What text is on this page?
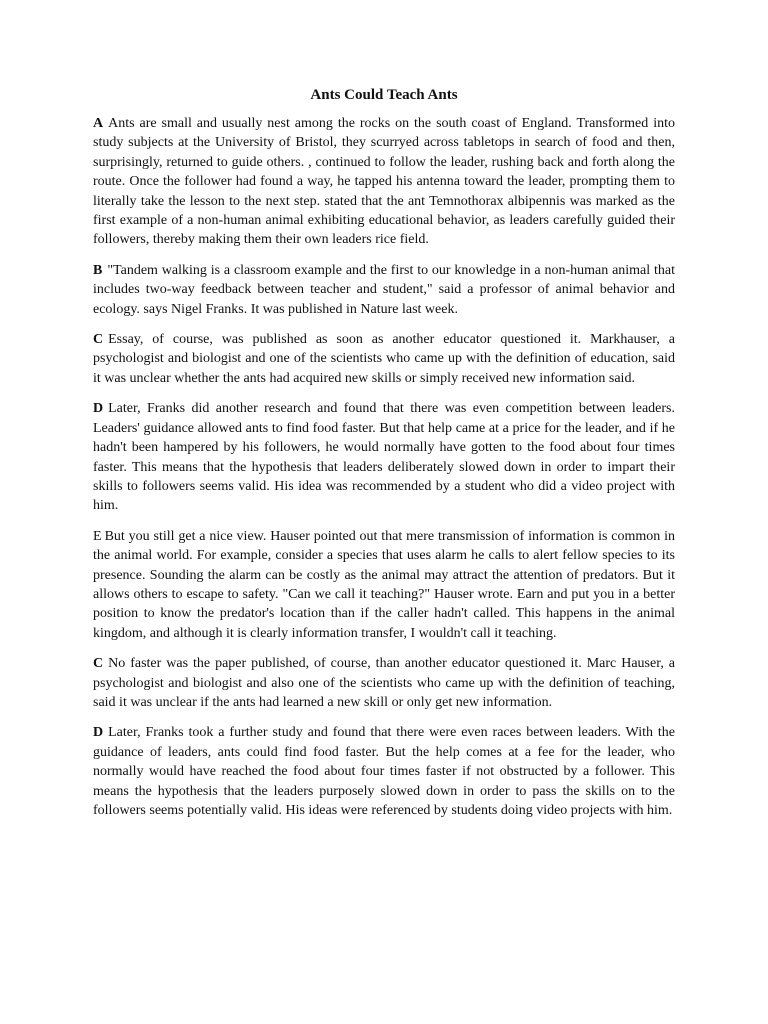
Ants Could Teach Ants

A Ants are small and usually nest among the rocks on the south coast of England. Transformed into study subjects at the University of Bristol, they scurryed across tabletops in search of food and then, surprisingly, returned to guide others. , continued to follow the leader, rushing back and forth along the route. Once the follower had found a way, he tapped his antenna toward the leader, prompting them to literally take the lesson to the next step. stated that the ant Temnothorax albipennis was marked as the first example of a non-human animal exhibiting educational behavior, as leaders carefully guided their followers, thereby making them their own leaders rice field.

B "Tandem walking is a classroom example and the first to our knowledge in a non-human animal that includes two-way feedback between teacher and student," said a professor of animal behavior and ecology. says Nigel Franks. It was published in Nature last week.

C Essay, of course, was published as soon as another educator questioned it. Markhauser, a psychologist and biologist and one of the scientists who came up with the definition of education, said it was unclear whether the ants had acquired new skills or simply received new information said.

D Later, Franks did another research and found that there was even competition between leaders. Leaders' guidance allowed ants to find food faster. But that help came at a price for the leader, and if he hadn't been hampered by his followers, he would normally have gotten to the food about four times faster. This means that the hypothesis that leaders deliberately slowed down in order to impart their skills to followers seems valid. His idea was recommended by a student who did a video project with him.

E But you still get a nice view. Hauser pointed out that mere transmission of information is common in the animal world. For example, consider a species that uses alarm he calls to alert fellow species to its presence. Sounding the alarm can be costly as the animal may attract the attention of predators. But it allows others to escape to safety. "Can we call it teaching?" Hauser wrote. Earn and put you in a better position to know the predator's location than if the caller hadn't called. This happens in the animal kingdom, and although it is clearly information transfer, I wouldn't call it teaching.

C No faster was the paper published, of course, than another educator questioned it. Marc Hauser, a psychologist and biologist and also one of the scientists who came up with the definition of teaching, said it was unclear if the ants had learned a new skill or only get new information.

D Later, Franks took a further study and found that there were even races between leaders. With the guidance of leaders, ants could find food faster. But the help comes at a fee for the leader, who normally would have reached the food about four times faster if not obstructed by a follower. This means the hypothesis that the leaders purposely slowed down in order to pass the skills on to the followers seems potentially valid. His ideas were referenced by students doing video projects with him.
